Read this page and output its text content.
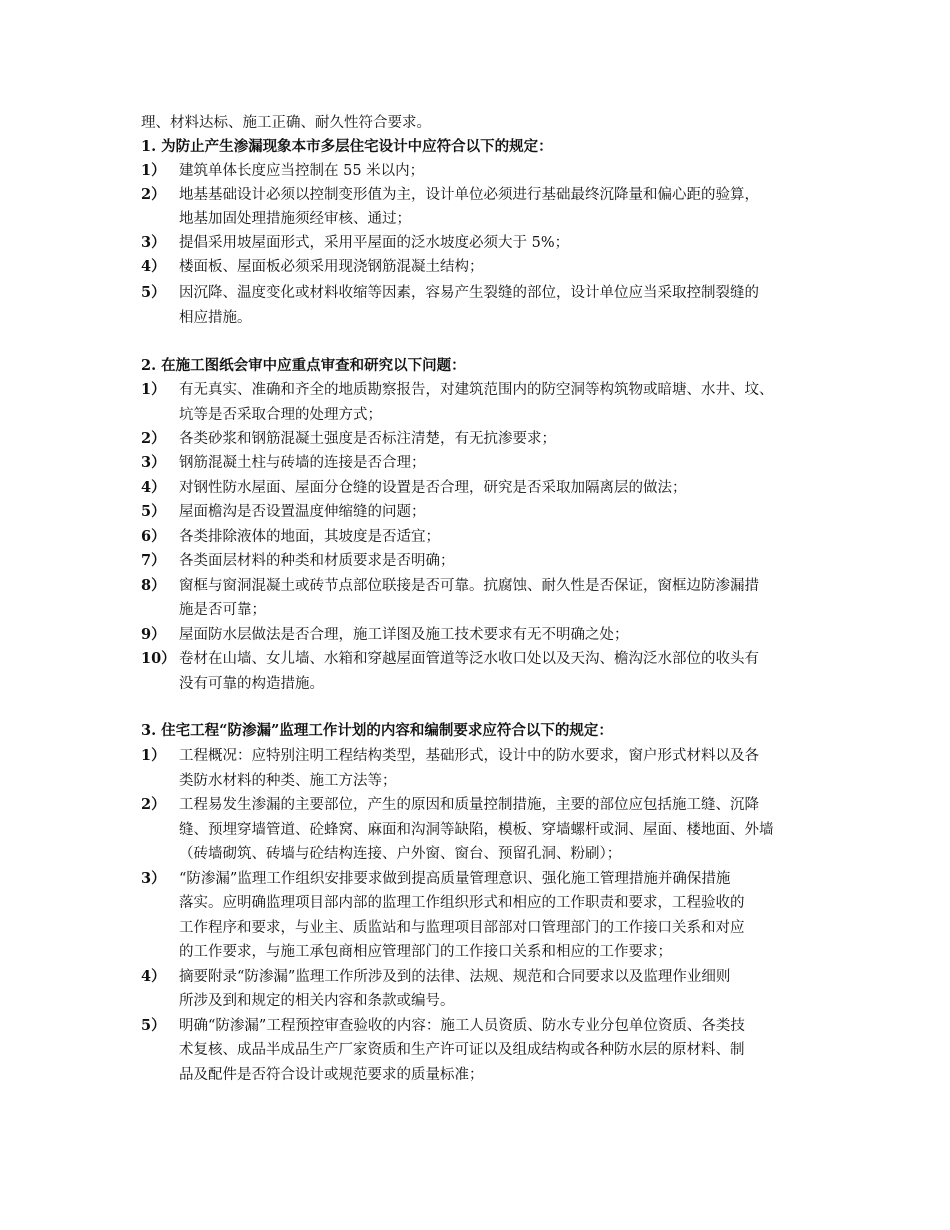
理、材料达标、施工正确、耐久性符合要求。
1. 为防止产生渗漏现象本市多层住宅设计中应符合以下的规定：
1） 建筑单体长度应当控制在 55 米以内；
2） 地基基础设计必须以控制变形值为主，设计单位必须进行基础最终沉降量和偏心距的验算，
地基加固处理措施须经审核、通过；
3） 提倡采用坡屋面形式，采用平屋面的泛水坡度必须大于 5%；
4） 楼面板、屋面板必须采用现浇钢筋混凝土结构；
5） 因沉降、温度变化或材料收缩等因素，容易产生裂缝的部位，设计单位应当采取控制裂缝的
相应措施。
2. 在施工图纸会审中应重点审查和研究以下问题：
1） 有无真实、准确和齐全的地质勘察报告，对建筑范围内的防空洞等构筑物或暗塘、水井、坟、
坑等是否采取合理的处理方式；
2） 各类砂浆和钢筋混凝土强度是否标注清楚，有无抗渗要求；
3） 钢筋混凝土柱与砖墙的连接是否合理；
4） 对钢性防水屋面、屋面分仓缝的设置是否合理，研究是否采取加隔离层的做法；
5） 屋面檐沟是否设置温度伸缩缝的问题；
6） 各类排除液体的地面，其坡度是否适宜；
7） 各类面层材料的种类和材质要求是否明确；
8） 窗框与窗洞混凝土或砖节点部位联接是否可靠。抗腐蚀、耐久性是否保证，窗框边防渗漏措
施是否可靠；
9） 屋面防水层做法是否合理，施工详图及施工技术要求有无不明确之处；
10） 卷材在山墙、女儿墙、水箱和穿越屋面管道等泛水收口处以及天沟、檐沟泛水部位的收头有
没有可靠的构造措施。
3. 住宅工程“防渗漏”监理工作计划的内容和编制要求应符合以下的规定：
1） 工程概况：应特别注明工程结构类型，基础形式，设计中的防水要求，窗户形式材料以及各
类防水材料的种类、施工方法等；
2） 工程易发生渗漏的主要部位，产生的原因和质量控制措施，主要的部位应包括施工缝、沉降
缝、预埋穿墙管道、砼蜂窝、麻面和沟洞等缺陷，模板、穿墙螺杆或洞、屋面、楼地面、外墙
（砖墙砌筑、砖墙与砼结构连接、户外窗、窗台、预留孔洞、粉刷）；
3） “防渗漏”监理工作组织安排要求做到提高质量管理意识、强化施工管理措施并确保措施
落实。应明确监理项目部内部的监理工作组织形式和相应的工作职责和要求，工程验收的
工作程序和要求，与业主、质监站和与监理项目部部对口管理部门的工作接口关系和对应
的工作要求，与施工承包商相应管理部门的工作接口关系和相应的工作要求；
4） 摘要附录“防渗漏”监理工作所涉及到的法律、法规、规范和合同要求以及监理作业细则
所涉及到和规定的相关内容和条款或编号。
5） 明确“防渗漏”工程预控审查验收的内容：施工人员资质、防水专业分包单位资质、各类技
术复核、成品半成品生产厂家资质和生产许可证以及组成结构或各种防水层的原材料、制
品及配件是否符合设计或规范要求的质量标准；
